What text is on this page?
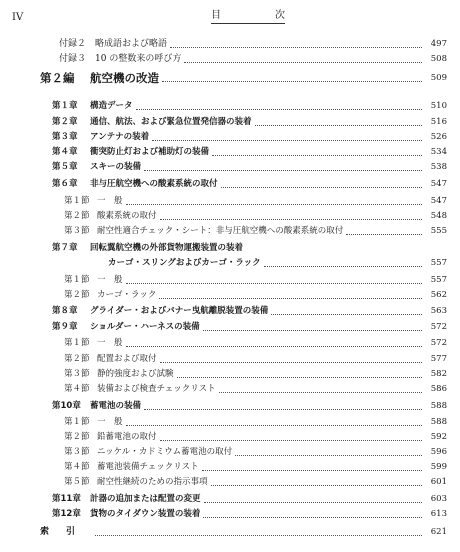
IV	目	次
付録２ 略成語および略語	497
付録３ 10 の整数来の呼び方	508
第２編	航空機の改造	509
第１章	構造データ	510
第２章	通信、航法、および緊急位置発信器の装着	516
第３章	アンテナの装着	526
第４章	衝突防止灯および補助灯の装備	534
第５章	スキーの装備	538
第６章	非与圧航空機への酸素系統の取付	547
第１節 一　般	547
第２節 酸素系統の取付	548
第３節 耐空性適合チェック・シート：非与圧航空機への酸素系統の取付	555
第７章	回転翼航空機の外部貨物運搬装置の装着
カーゴ・スリングおよびカーゴ・ラック	557
第１節 一　般	557
第２節 カーゴ・ラック	562
第８章	グライダー・およびバナー曳航離脱装置の装備	563
第９章	ショルダー・ハーネスの装備	572
第１節 一　般	572
第２節 配置および取付	577
第３節 静的強度および試験	582
第４節 装備および検査チェックリスト	586
第10章	蓄電池の装備	588
第１節 一　般	588
第２節 鉛蓄電池の取付	592
第３節 ニッケル・カドミウム蓄電池の取付	596
第４節 蓄電池装備チェックリスト	599
第５節 耐空性継続のための指示事項	601
第11章	計器の追加または配置の変更	603
第12章	貨物のタイダウン装置の装着	613
索　引	621
